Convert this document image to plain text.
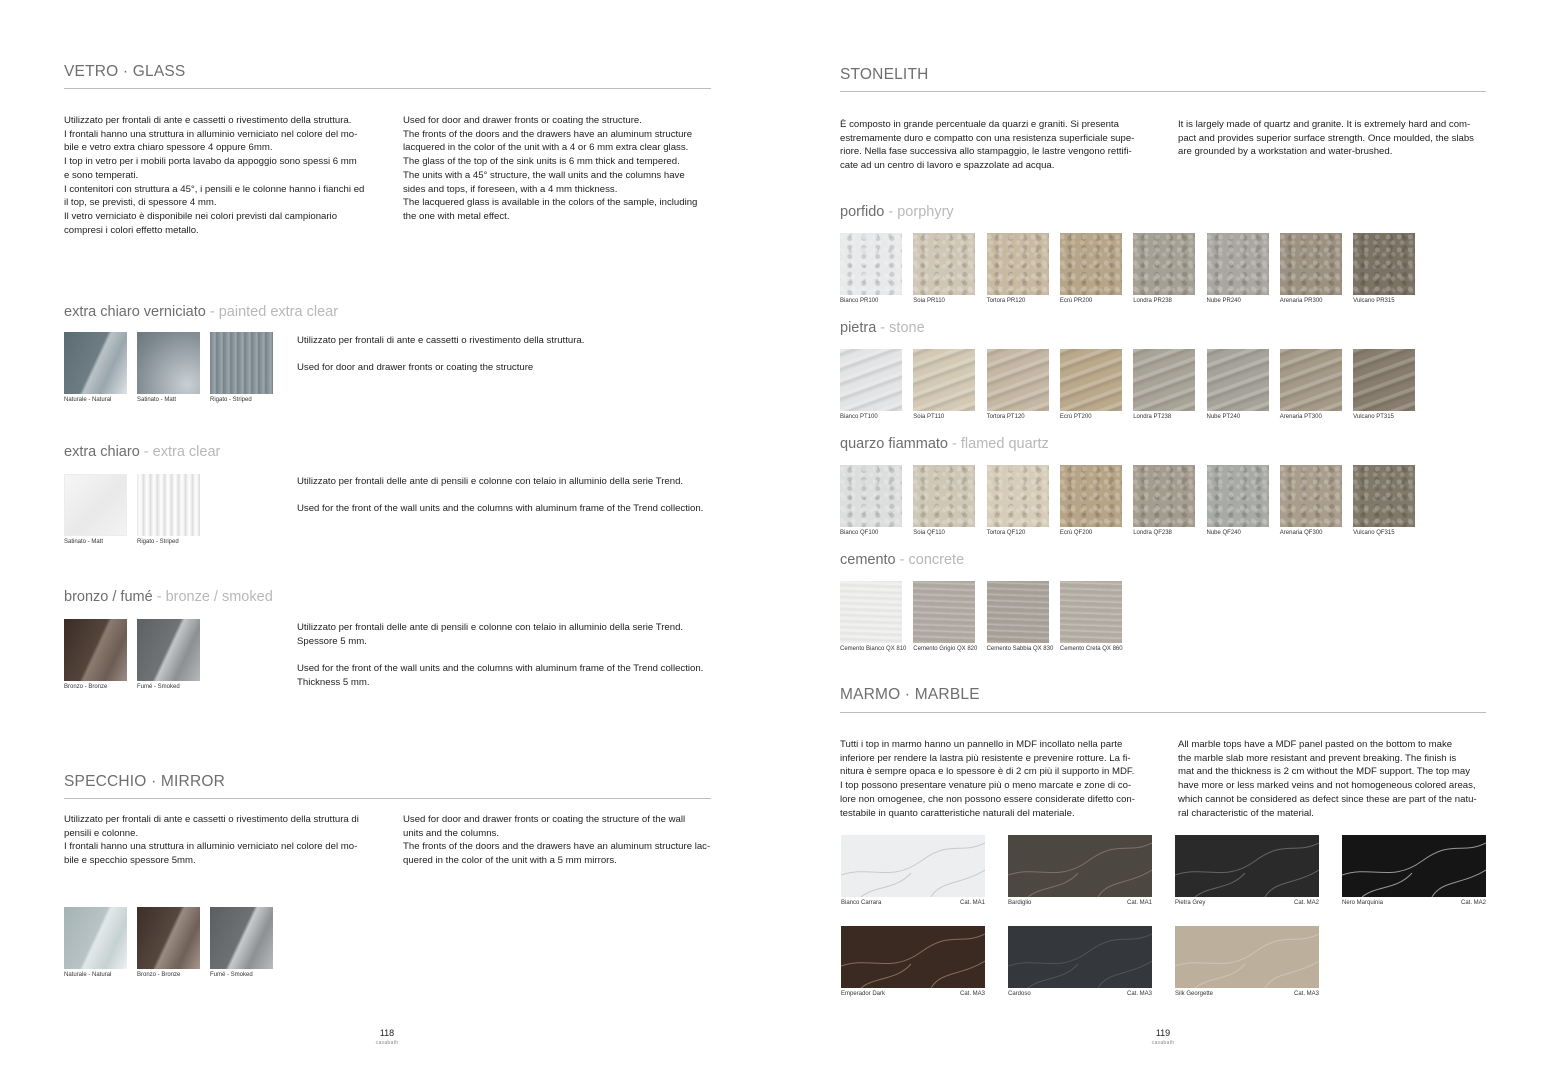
VETRO · GLASS
Utilizzato per frontali di ante e cassetti o rivestimento della struttura.
I frontali hanno una struttura in alluminio verniciato nel colore del mo-
bile e vetro extra chiaro spessore 4 oppure 6mm.
I top in vetro per i mobili porta lavabo da appoggio sono spessi 6 mm
e sono temperati.
I contenitori con struttura a 45°, i pensili e le colonne hanno i fianchi ed
il top, se previsti, di spessore 4 mm.
Il vetro verniciato è disponibile nei colori previsti dal campionario
compresi i colori effetto metallo.
Used for door and drawer fronts or coating the structure.
The fronts of the doors and the drawers have an aluminum structure
lacquered in the color of the unit with a 4 or 6 mm extra clear glass.
The glass of the top of the sink units is 6 mm thick and tempered.
The units with a 45° structure, the wall units and the columns have
sides and tops, if foreseen, with a 4 mm thickness.
The lacquered glass is available in the colors of the sample, including
the one with metal effect.
extra chiaro verniciato - painted extra clear
Naturale - Natural	Satinato - Matt	Rigato - Striped
Utilizzato per frontali di ante e cassetti o rivestimento della struttura.
Used for door and drawer fronts or coating the structure
extra chiaro - extra clear
Satinato - Matt	Rigato - Striped
Utilizzato per frontali delle ante di pensili e colonne con telaio in alluminio della serie Trend.
Used for the front of the wall units and the columns with aluminum frame of the Trend collection.
bronzo / fumé - bronze / smoked
Bronzo - Bronze	Fumé - Smoked
Utilizzato per frontali delle ante di pensili e colonne con telaio in alluminio della serie Trend.
Spessore 5 mm.
Used for the front of the wall units and the columns with aluminum frame of the Trend collection.
Thickness 5 mm.
SPECCHIO · MIRROR
Utilizzato per frontali di ante e cassetti o rivestimento della struttura di
pensili e colonne.
I frontali hanno una struttura in alluminio verniciato nel colore del mo-
bile e specchio spessore 5mm.
Used for door and drawer fronts or coating the structure of the wall
units and the columns.
The fronts of the doors and the drawers have an aluminum structure lac-
quered in the color of the unit with a 5 mm mirrors.
Naturale - Natural	Bronzo - Bronze	Fumé - Smoked
118
casabath
STONELITH
È composto in grande percentuale da quarzi e graniti. Si presenta
estremamente duro e compatto con una resistenza superficiale supe-
riore. Nella fase successiva allo stampaggio, le lastre vengono rettifi-
cate ad un centro di lavoro e spazzolate ad acqua.
It is largely made of quartz and granite. It is extremely hard and com-
pact and provides superior surface strength. Once moulded, the slabs
are grounded by a workstation and water-brushed.
porfido - porphyry
Bianco PR100	Soia PR110	Tortora PR120	Ecrù PR200	Londra PR238	Nube PR240	Arenaria PR300	Vulcano PR315
pietra - stone
Bianco PT100	Soia PT110	Tortora PT120	Ecrù PT200	Londra PT238	Nube PT240	Arenaria PT300	Vulcano PT315
quarzo fiammato - flamed quartz
Bianco QF100	Soia QF110	Tortora QF120	Ecrù QF200	Londra QF238	Nube QF240	Arenaria QF300	Vulcano QF315
cemento - concrete
Cemento Bianco QX 810 Cemento Grigio QX 820 Cemento Sabbia QX 830 Cemento Creta QX 860
MARMO · MARBLE
Tutti i top in marmo hanno un pannello in MDF incollato nella parte
inferiore per rendere la lastra più resistente e prevenire rotture. La fi-
nitura è sempre opaca e lo spessore è di 2 cm più il supporto in MDF.
I top possono presentare venature più o meno marcate e zone di co-
lore non omogenee, che non possono essere considerate difetto con-
testabile in quanto caratteristiche naturali del materiale.
All marble tops have a MDF panel pasted on the bottom to make
the marble slab more resistant and prevent breaking. The finish is
mat and the thickness is 2 cm without the MDF support. The top may
have more or less marked veins and not homogeneous colored areas,
which cannot be considered as defect since these are part of the natu-
ral characteristic of the material.
Bianco Carrara	Cat. MA1	Bardiglio	Cat. MA1	Pietra Grey	Cat. MA2	Nero Marquinia	Cat. MA2
Emperador Dark	Cat. MA3	Cardoso	Cat. MA3	Silk Georgette	Cat. MA3
119
casabath
